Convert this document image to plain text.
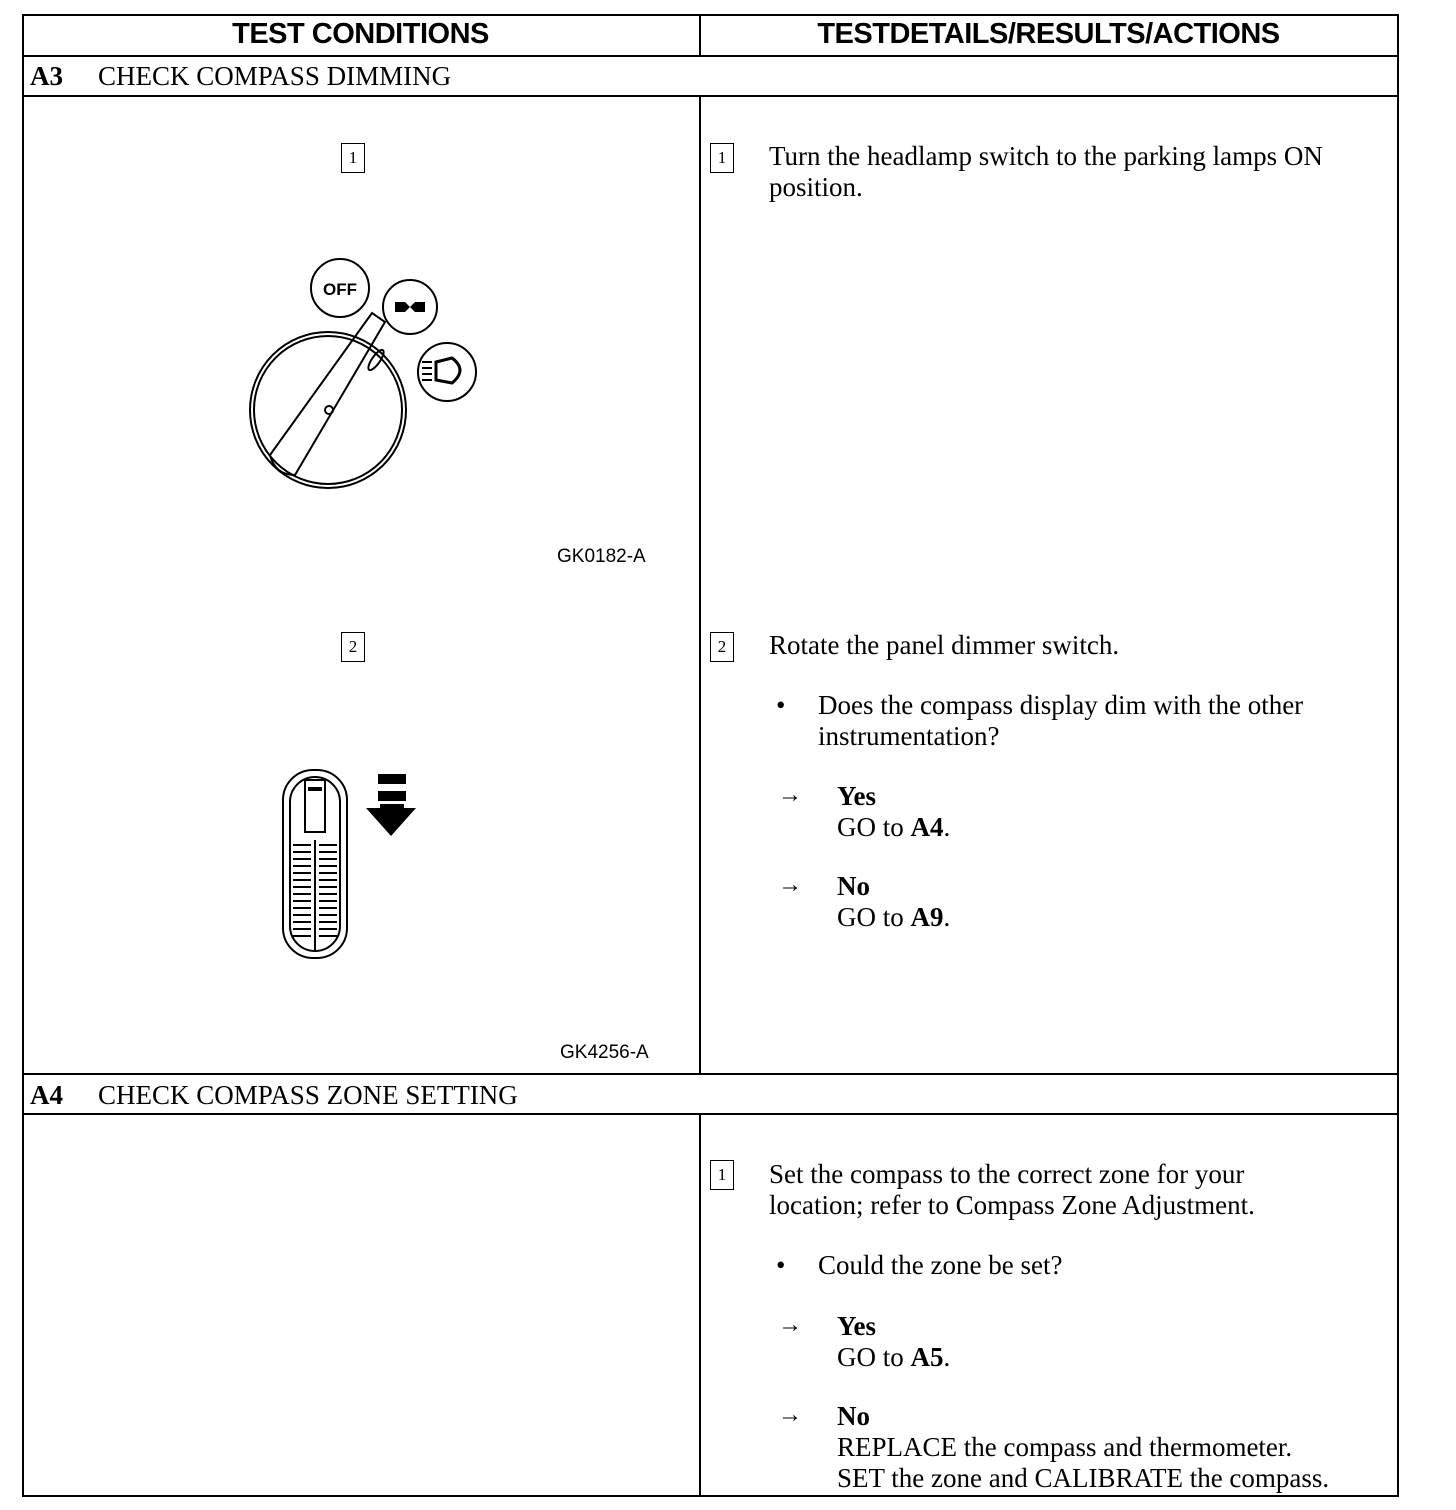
TEST CONDITIONS	TESTDETAILS/RESULTS/ACTIONS
A3 CHECK COMPASS DIMMING
1
OFF
GK0182-A
1 Turn the headlamp switch to the parking lamps ON
position.
2
GK4256-A
2 Rotate the panel dimmer switch.
• Does the compass display dim with the other
instrumentation?
→ Yes
GO to A4.
→ No
GO to A9.
A4 CHECK COMPASS ZONE SETTING
1 Set the compass to the correct zone for your
location; refer to Compass Zone Adjustment.
• Could the zone be set?
→ Yes
GO to A5.
→ No
REPLACE the compass and thermometer.
SET the zone and CALIBRATE the compass.
